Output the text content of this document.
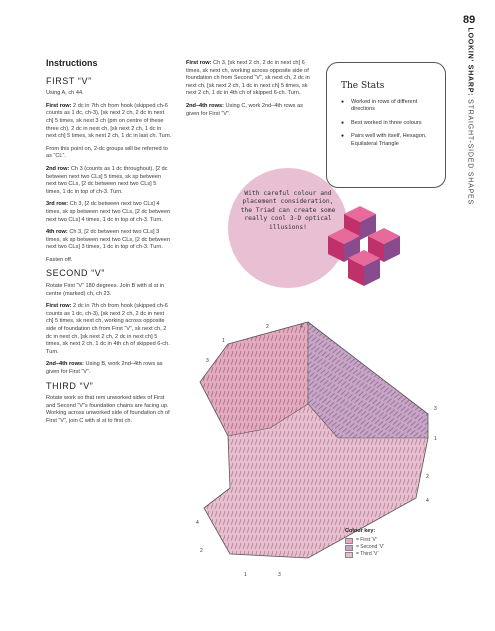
89
LOOKIN' SHARP: STRAIGHT-SIDED SHAPES
Instructions
FIRST “V”

Using A, ch 44.

First row: 2 dc in 7th ch from hook (skipped ch-6 counts as 1 dc, ch-3), [sk next 2 ch, 2 dc in next ch] 5 times, sk next 3 ch (pm on centre of these three ch), 2 dc in next ch, [sk next 2 ch, 1 dc in next ch] 5 times, sk next 2 ch, 1 dc in last ch. Turn.

From this point on, 2-dc groups will be referred to as “CL”.

2nd row: Ch 3 (counts as 1 dc throughout), [2 dc between next two CLs] 5 times, sk sp between next two CLs, [2 dc between next two CLs] 5 times, 1 dc in top of ch-3. Turn.

3rd row: Ch 3, [2 dc between next two CLs] 4 times, sk sp between next two CLs, [2 dc between next two CLs] 4 times, 1 dc in top of ch-3. Turn.

4th row: Ch 3, [2 dc between next two CLs] 3 times, sk sp between next two CLs, [2 dc between next two CLs] 3 times, 1 dc in top of ch-3. Turn.

Fasten off.

SECOND “V”

Rotate First “V” 180 degrees. Join B with sl st in centre (marked) ch, ch 23.

First row: 2 dc in 7th ch from hook (skipped ch-6 counts as 1 dc, ch-3), [sk next 2 ch, 2 dc in next ch] 5 times, sk next ch, working across opposite side of foundation ch from First “V”, sk next ch, 2 dc in next ch, [sk next 2 ch, 2 dc in next ch] 5 times, sk next 2 ch, 1 dc in 4th ch of skipped 6-ch. Turn.

2nd–4th rows: Using B, work 2nd–4th rows as given for First “V”.

THIRD “V”

Rotate work so that rem unworked sides of First and Second “V”s foundation chains are facing up. Working across unworked side of foundation ch of First “V”, join C with sl st to first ch.

First row: Ch 3, [sk next 2 ch, 2 dc in next ch] 6 times, sk next ch, working across opposite side of foundation ch from Second “V”, sk next ch, 2 dc in next ch, [sk next 2 ch, 1 dc in next ch] 5 times, sk next 2 ch, 1 dc in 4th ch of skipped 6-ch. Turn.

2nd–4th rows: Using C, work 2nd–4th rows as given for First “V”.

The Stats
● Worked in rows of different directions
● Best worked in three colours
● Pairs well with itself, Hexagon, Equilateral Triangle
With careful colour and placement consideration, the Triad can create some really cool 3-D optical illusions!
1
2	4
3
3
1
2
4
4
2
1	3
Colour key:
= First ‘V’
= Second ‘V’
= Third ‘V’
